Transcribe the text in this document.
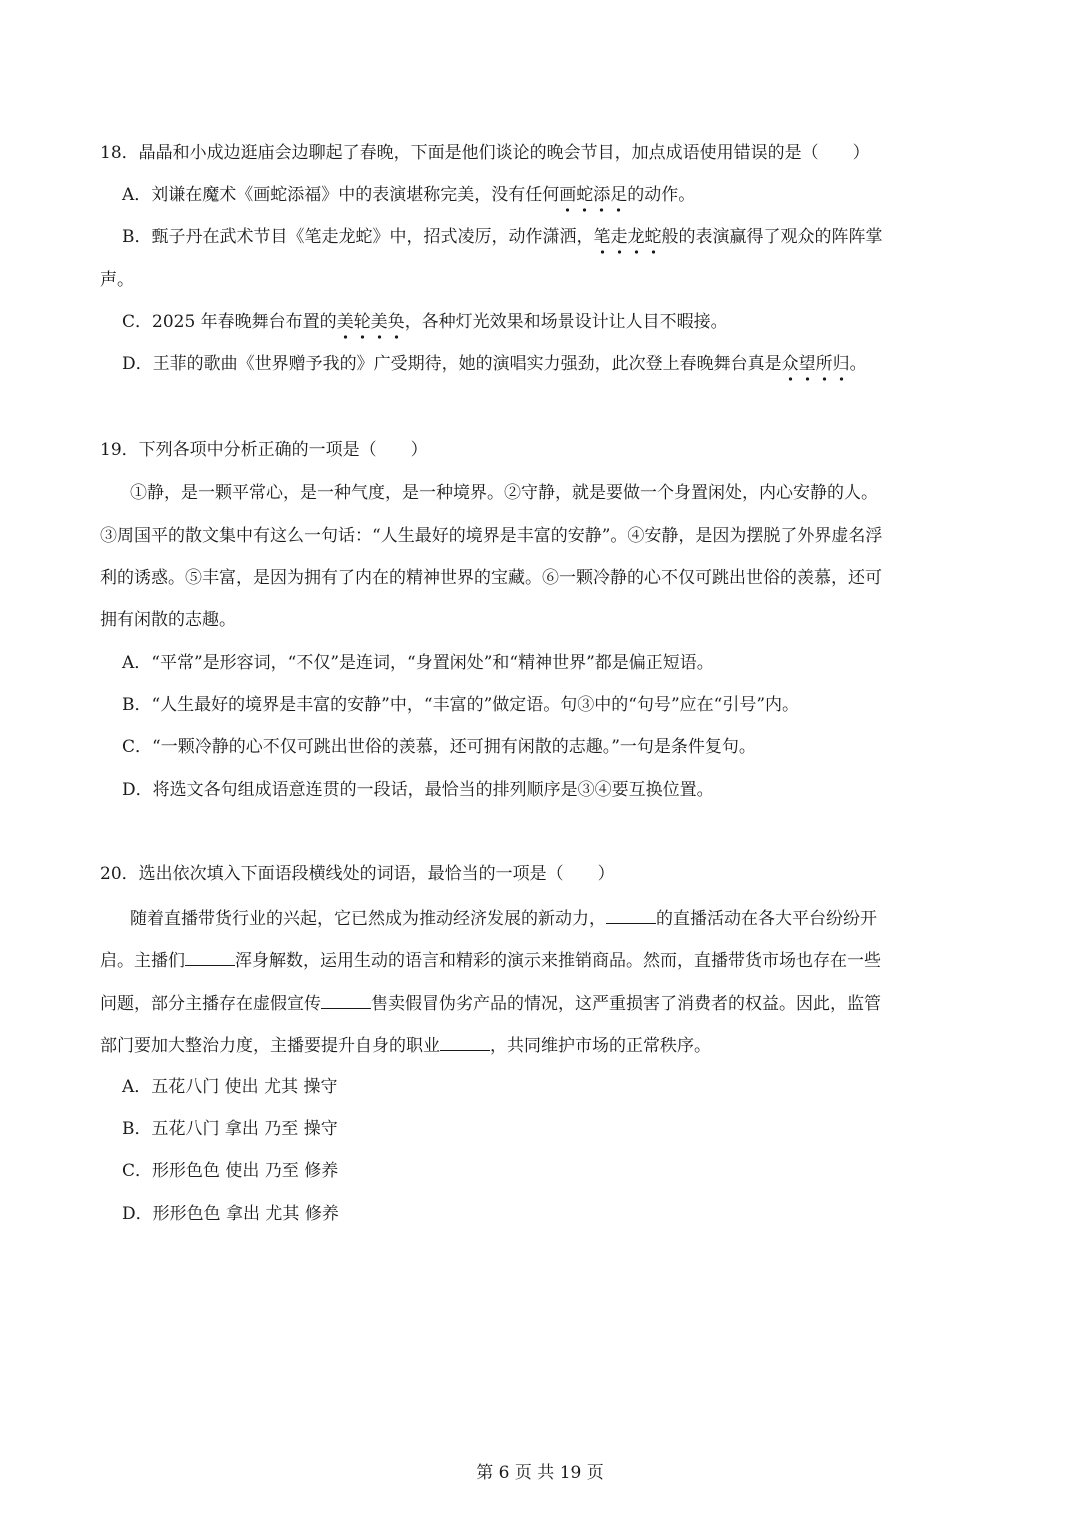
18．晶晶和小成边逛庙会边聊起了春晚，下面是他们谈论的晚会节目，加点成语使用错误的是（　　）
A．刘谦在魔术《画蛇添福》中的表演堪称完美，没有任何画蛇添足的动作。
B．甄子丹在武术节目《笔走龙蛇》中，招式凌厉，动作潇洒，笔走龙蛇般的表演赢得了观众的阵阵掌
声。
C．2025 年春晚舞台布置的美轮美奂，各种灯光效果和场景设计让人目不暇接。
D．王菲的歌曲《世界赠予我的》广受期待，她的演唱实力强劲，此次登上春晚舞台真是众望所归。
19．下列各项中分析正确的一项是（　　）
①静，是一颗平常心，是一种气度，是一种境界。②守静，就是要做一个身置闲处，内心安静的人。
③周国平的散文集中有这么一句话：“人生最好的境界是丰富的安静”。④安静，是因为摆脱了外界虚名浮
利的诱惑。⑤丰富，是因为拥有了内在的精神世界的宝藏。⑥一颗冷静的心不仅可跳出世俗的羡慕，还可
拥有闲散的志趣。
A．“平常”是形容词，“不仅”是连词，“身置闲处”和“精神世界”都是偏正短语。
B．“人生最好的境界是丰富的安静”中，“丰富的”做定语。句③中的“句号”应在“引号”内。
C．“一颗冷静的心不仅可跳出世俗的羡慕，还可拥有闲散的志趣。”一句是条件复句。
D．将选文各句组成语意连贯的一段话，最恰当的排列顺序是③④要互换位置。
20．选出依次填入下面语段横线处的词语，最恰当的一项是（　　）
随着直播带货行业的兴起，它已然成为推动经济发展的新动力，	的直播活动在各大平台纷纷开
启。主播们	浑身解数，运用生动的语言和精彩的演示来推销商品。然而，直播带货市场也存在一些
问题，部分主播存在虚假宣传	售卖假冒伪劣产品的情况，这严重损害了消费者的权益。因此，监管
部门要加大整治力度，主播要提升自身的职业	，共同维护市场的正常秩序。
A．五花八门 使出 尤其 操守
B．五花八门 拿出 乃至 操守
C．形形色色 使出 乃至 修养
D．形形色色 拿出 尤其 修养
第 6 页 共 19 页
